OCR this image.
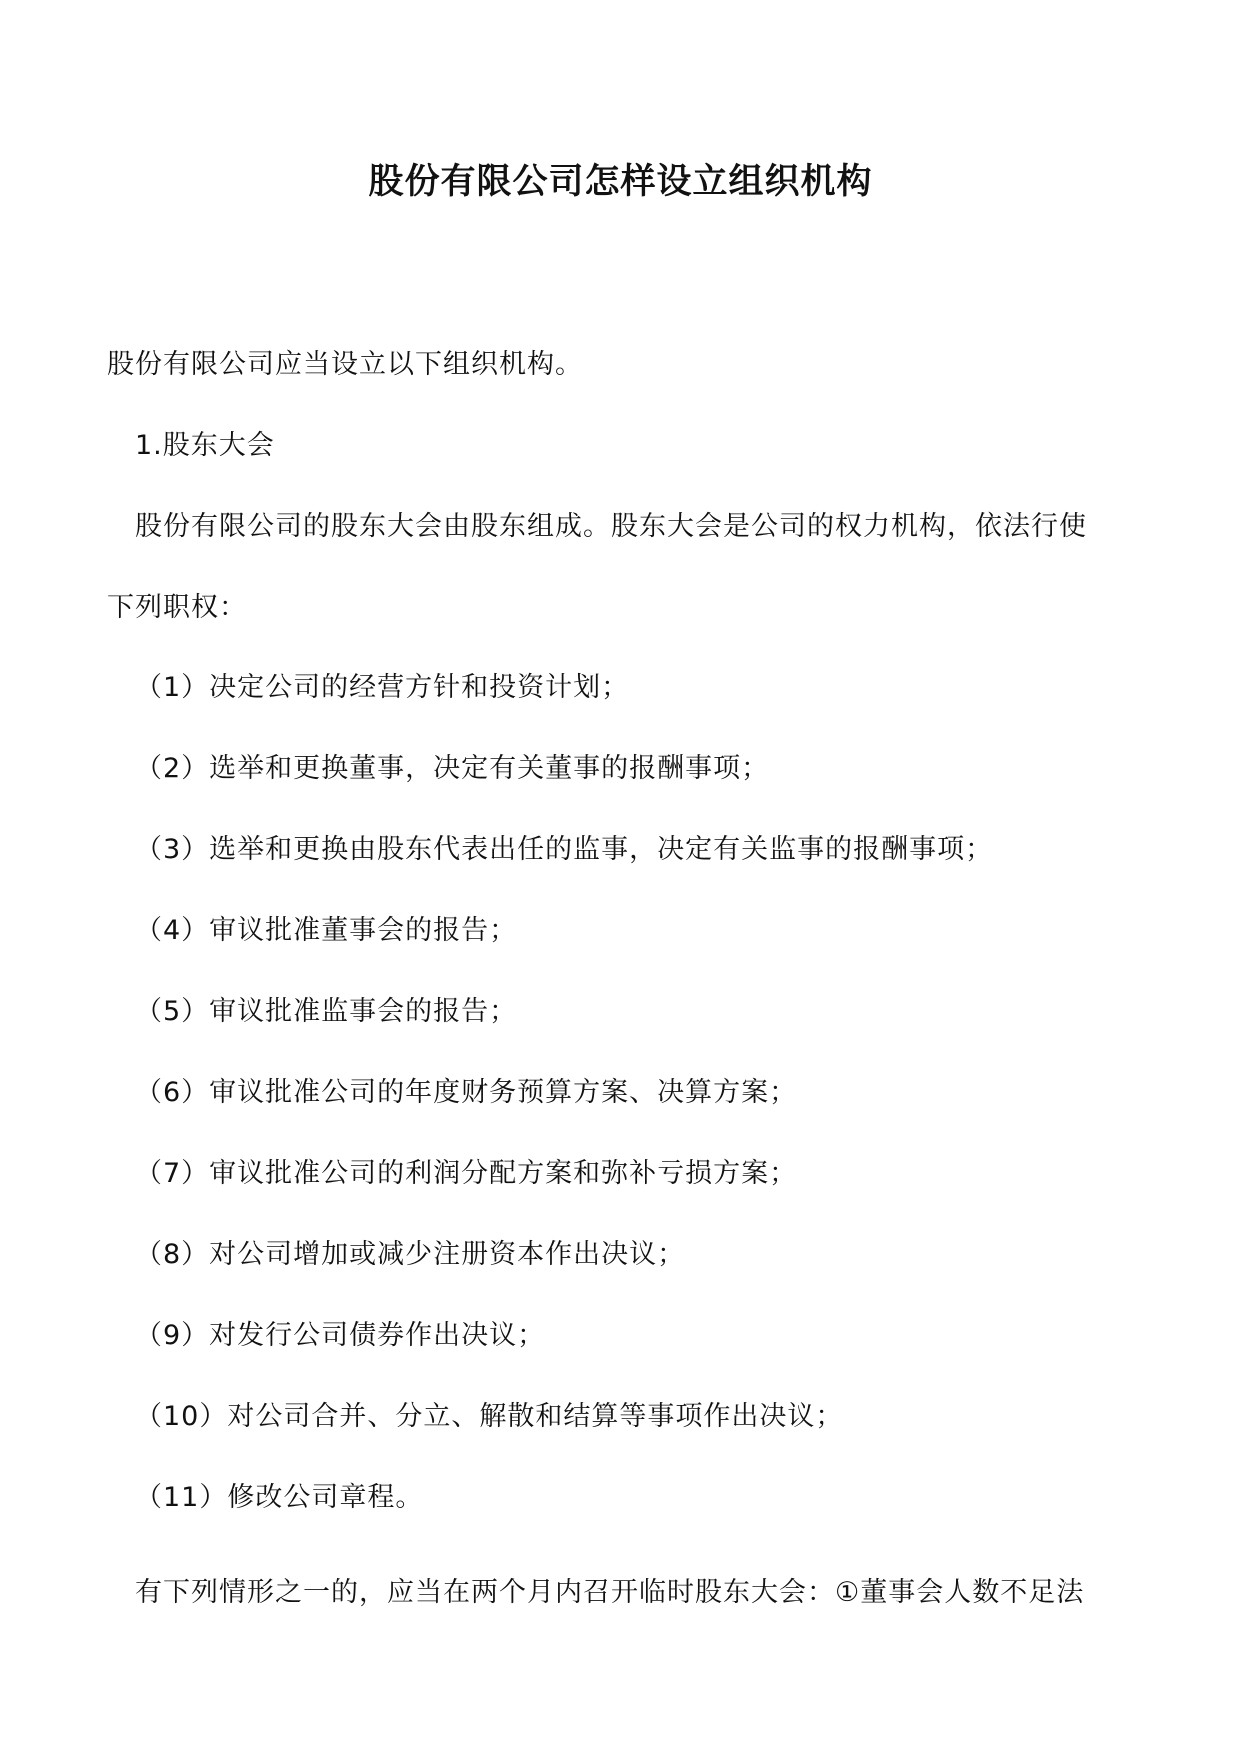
股份有限公司怎样设立组织机构
股份有限公司应当设立以下组织机构。
1.股东大会
股份有限公司的股东大会由股东组成。股东大会是公司的权力机构，依法行使
下列职权：
（1）决定公司的经营方针和投资计划；
（2）选举和更换董事，决定有关董事的报酬事项；
（3）选举和更换由股东代表出任的监事，决定有关监事的报酬事项；
（4）审议批准董事会的报告；
（5）审议批准监事会的报告；
（6）审议批准公司的年度财务预算方案、决算方案；
（7）审议批准公司的利润分配方案和弥补亏损方案；
（8）对公司增加或减少注册资本作出决议；
（9）对发行公司债券作出决议；
（10）对公司合并、分立、解散和结算等事项作出决议；
（11）修改公司章程。
有下列情形之一的，应当在两个月内召开临时股东大会：①董事会人数不足法
